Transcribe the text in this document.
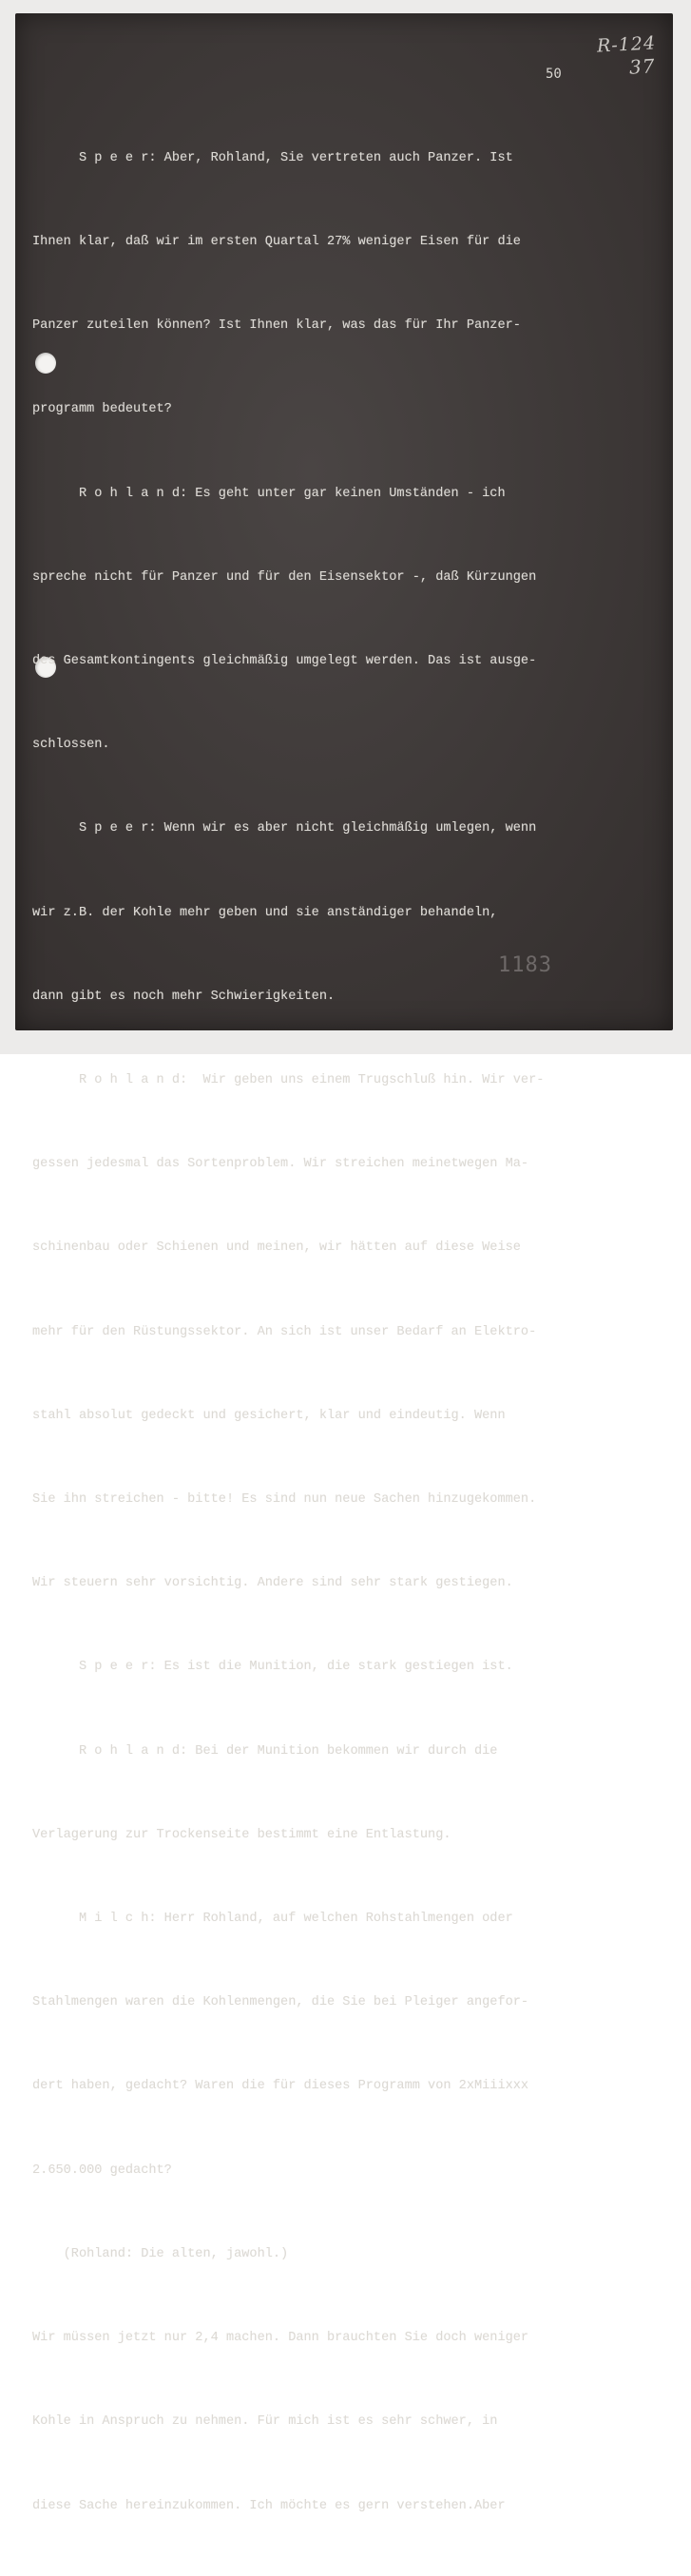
R-124
37
50

S p e e r: Aber, Rohland, Sie vertreten auch Panzer. Ist

Ihnen klar, daß wir im ersten Quartal 27% weniger Eisen für die

Panzer zuteilen können? Ist Ihnen klar, was das für Ihr Panzer-

programm bedeutet?

R o h l a n d: Es geht unter gar keinen Umständen - ich

spreche nicht für Panzer und für den Eisensektor -, daß Kürzungen

des Gesamtkontingents gleichmäßig umgelegt werden. Das ist ausge-

schlossen.

S p e e r: Wenn wir es aber nicht gleichmäßig umlegen, wenn

wir z.B. der Kohle mehr geben und sie anständiger behandeln,

dann gibt es noch mehr Schwierigkeiten.

R o h l a n d:  Wir geben uns einem Trugschluß hin. Wir ver-

gessen jedesmal das Sortenproblem. Wir streichen meinetwegen Ma-

schinenbau oder Schienen und meinen, wir hätten auf diese Weise

mehr für den Rüstungssektor. An sich ist unser Bedarf an Elektro-

stahl absolut gedeckt und gesichert, klar und eindeutig. Wenn

Sie ihn streichen - bitte! Es sind nun neue Sachen hinzugekommen.

Wir steuern sehr vorsichtig. Andere sind sehr stark gestiegen.

S p e e r: Es ist die Munition, die stark gestiegen ist.

R o h l a n d: Bei der Munition bekommen wir durch die

Verlagerung zur Trockenseite bestimmt eine Entlastung.

M i l c h: Herr Rohland, auf welchen Rohstahlmengen oder

Stahlmengen waren die Kohlenmengen, die Sie bei Pleiger angefor-

dert haben, gedacht? Waren die für dieses Programm von 2xMiiixxx

2.650.000 gedacht?

(Rohland: Die alten, jawohl.)

Wir müssen jetzt nur 2,4 machen. Dann brauchten Sie doch weniger

Kohle in Anspruch zu nehmen. Für mich ist es sehr schwer, in

diese Sache hereinzukommen. Ich möchte es gern verstehen.Aber

1183
